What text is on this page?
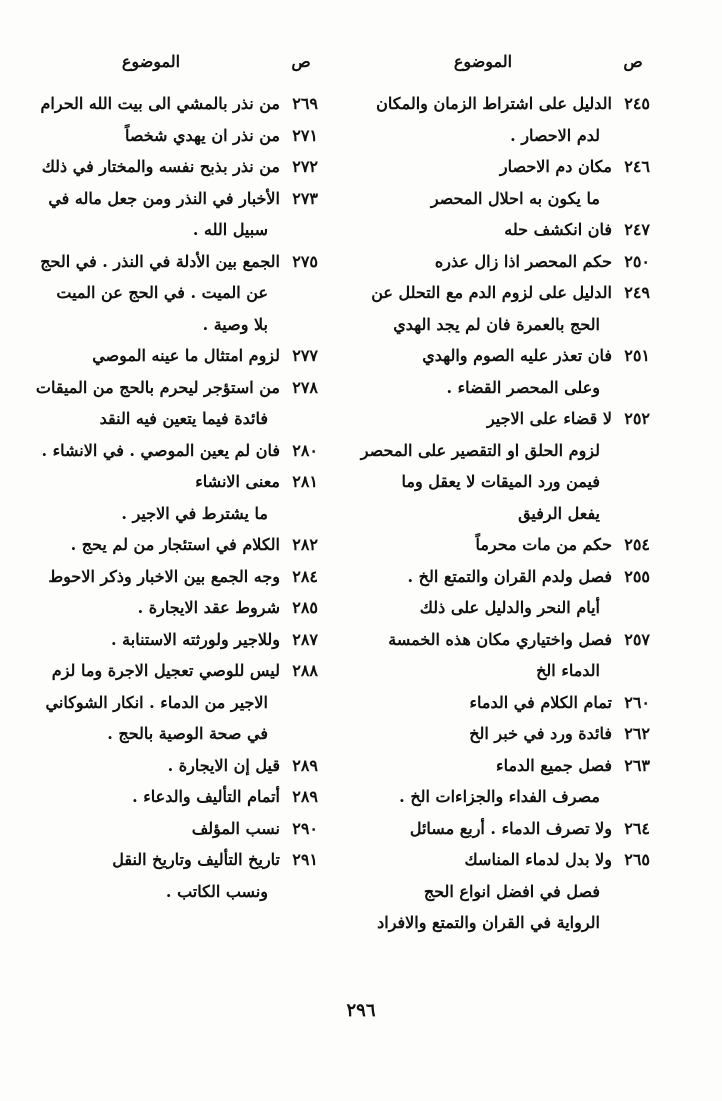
ص
الموضوع
٢٤٥
الدليل على اشتراط الزمان والمكان
لدم الاحصار .
٢٤٦
مكان دم الاحصار
ما يكون به احلال المحصر
٢٤٧
فان انكشف حله
٢٥٠
حكم المحصر اذا زال عذره
٢٤٩
الدليل على لزوم الدم مع التحلل عن
الحج بالعمرة فان لم يجد الهدي
٢٥١
فان تعذر عليه الصوم والهدي
وعلى المحصر القضاء .
٢٥٢
لا قضاء على الاجير
لزوم الحلق او التقصير على المحصر
فيمن ورد الميقات لا يعقل وما
يفعل الرفيق
٢٥٤
حكم من مات محرماً
٢٥٥
فصل ولدم القران والتمتع الخ .
أيام النحر والدليل على ذلك
٢٥٧
فصل واختياري مكان هذه الخمسة
الدماء الخ
٢٦٠
تمام الكلام في الدماء
٢٦٢
فائدة ورد في خبر الخ
٢٦٣
فصل جميع الدماء
مصرف الفداء والجزاءات الخ .
٢٦٤
ولا تصرف الدماء . أربع مسائل
٢٦٥
ولا بدل لدماء المناسك
فصل في افضل انواع الحج
الرواية في القران والتمتع والافراد
ص
الموضوع
٢٦٩
من نذر بالمشي الى بيت الله الحرام
٢٧١
من نذر ان يهدي شخصاً
٢٧٢
من نذر بذبح نفسه والمختار في ذلك
٢٧٣
الأخبار في النذر ومن جعل ماله في
سبيل الله .
٢٧٥
الجمع بين الأدلة في النذر . في الحج
عن الميت . في الحج عن الميت
بلا وصية .
٢٧٧
لزوم امتثال ما عينه الموصي
٢٧٨
من استؤجر ليحرم بالحج من الميقات
فائدة فيما يتعين فيه النقد
٢٨٠
فان لم يعين الموصي . في الانشاء .
٢٨١
معنى الانشاء
ما يشترط في الاجير .
٢٨٢
الكلام في استئجار من لم يحج .
٢٨٤
وجه الجمع بين الاخبار وذكر الاحوط
٢٨٥
شروط عقد الايجارة .
٢٨٧
وللاجير ولورثته الاستنابة .
٢٨٨
ليس للوصي تعجيل الاجرة وما لزم
الاجير من الدماء . انكار الشوكاني
في صحة الوصية بالحج .
٢٨٩
قيل إن الايجارة .
٢٨٩
أتمام التأليف والدعاء .
٢٩٠
نسب المؤلف
٢٩١
تاريخ التأليف وتاريخ النقل
ونسب الكاتب .
٢٩٦
